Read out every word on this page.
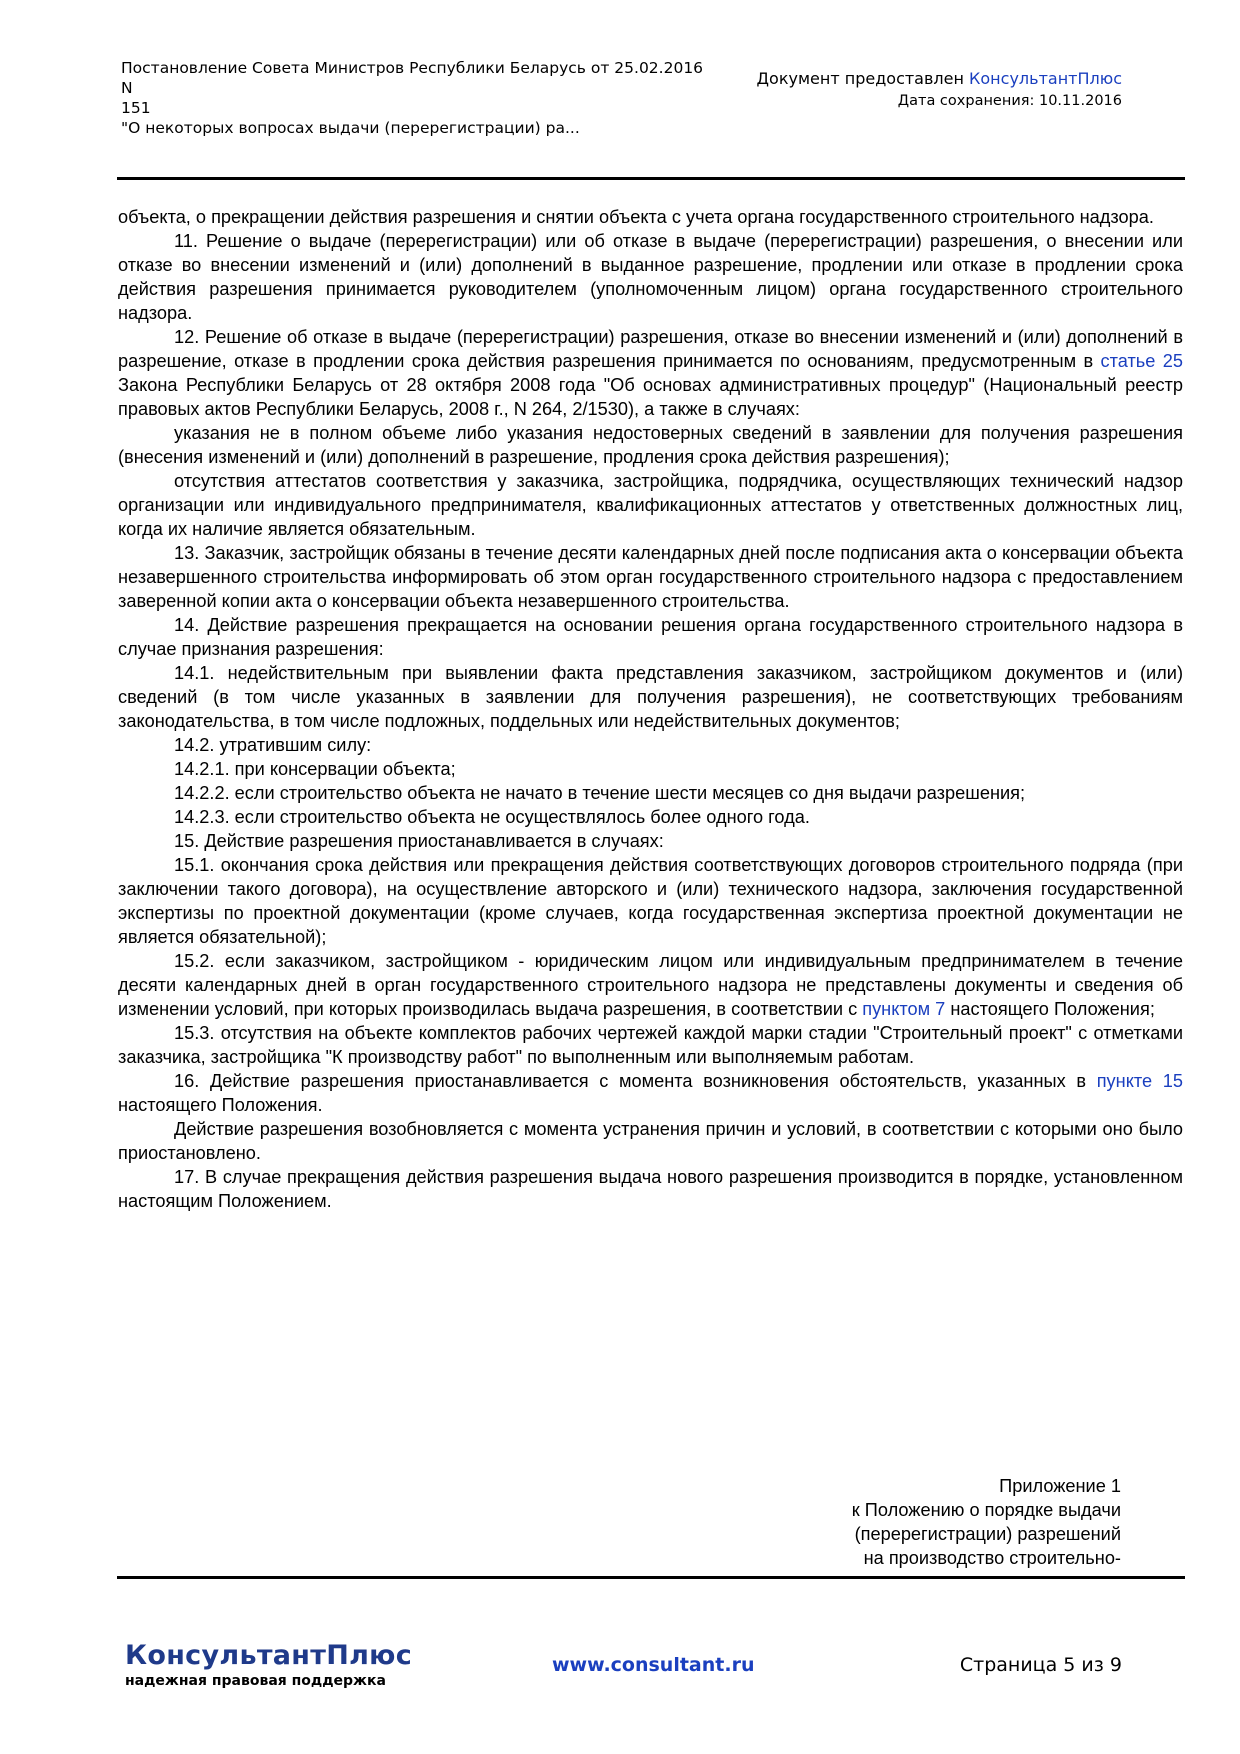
Постановление Совета Министров Республики Беларусь от 25.02.2016 N
151
"О некоторых вопросах выдачи (перерегистрации) ра...
Документ предоставлен КонсультантПлюс
Дата сохранения: 10.11.2016

объекта, о прекращении действия разрешения и снятии объекта с учета органа государственного строительного надзора.

11. Решение о выдаче (перерегистрации) или об отказе в выдаче (перерегистрации) разрешения, о внесении или отказе во внесении изменений и (или) дополнений в выданное разрешение, продлении или отказе в продлении срока действия разрешения принимается руководителем (уполномоченным лицом) органа государственного строительного надзора.

12. Решение об отказе в выдаче (перерегистрации) разрешения, отказе во внесении изменений и (или) дополнений в разрешение, отказе в продлении срока действия разрешения принимается по основаниям, предусмотренным в статье 25 Закона Республики Беларусь от 28 октября 2008 года "Об основах административных процедур" (Национальный реестр правовых актов Республики Беларусь, 2008 г., N 264, 2/1530), а также в случаях:

указания не в полном объеме либо указания недостоверных сведений в заявлении для получения разрешения (внесения изменений и (или) дополнений в разрешение, продления срока действия разрешения);

отсутствия аттестатов соответствия у заказчика, застройщика, подрядчика, осуществляющих технический надзор организации или индивидуального предпринимателя, квалификационных аттестатов у ответственных должностных лиц, когда их наличие является обязательным.

13. Заказчик, застройщик обязаны в течение десяти календарных дней после подписания акта о консервации объекта незавершенного строительства информировать об этом орган государственного строительного надзора с предоставлением заверенной копии акта о консервации объекта незавершенного строительства.

14. Действие разрешения прекращается на основании решения органа государственного строительного надзора в случае признания разрешения:

14.1. недействительным при выявлении факта представления заказчиком, застройщиком документов и (или) сведений (в том числе указанных в заявлении для получения разрешения), не соответствующих требованиям законодательства, в том числе подложных, поддельных или недействительных документов;

14.2. утратившим силу:

14.2.1. при консервации объекта;

14.2.2. если строительство объекта не начато в течение шести месяцев со дня выдачи разрешения;

14.2.3. если строительство объекта не осуществлялось более одного года.

15. Действие разрешения приостанавливается в случаях:

15.1. окончания срока действия или прекращения действия соответствующих договоров строительного подряда (при заключении такого договора), на осуществление авторского и (или) технического надзора, заключения государственной экспертизы по проектной документации (кроме случаев, когда государственная экспертиза проектной документации не является обязательной);

15.2. если заказчиком, застройщиком - юридическим лицом или индивидуальным предпринимателем в течение десяти календарных дней в орган государственного строительного надзора не представлены документы и сведения об изменении условий, при которых производилась выдача разрешения, в соответствии с пунктом 7 настоящего Положения;

15.3. отсутствия на объекте комплектов рабочих чертежей каждой марки стадии "Строительный проект" с отметками заказчика, застройщика "К производству работ" по выполненным или выполняемым работам.

16. Действие разрешения приостанавливается с момента возникновения обстоятельств, указанных в пункте 15 настоящего Положения.

Действие разрешения возобновляется с момента устранения причин и условий, в соответствии с которыми оно было приостановлено.

17. В случае прекращения действия разрешения выдача нового разрешения производится в порядке, установленном настоящим Положением.

Приложение 1
к Положению о порядке выдачи
(перерегистрации) разрешений
на производство строительно-
КонсультантПлюс
надежная правовая поддержка
www.consultant.ru	Страница 5 из 9
